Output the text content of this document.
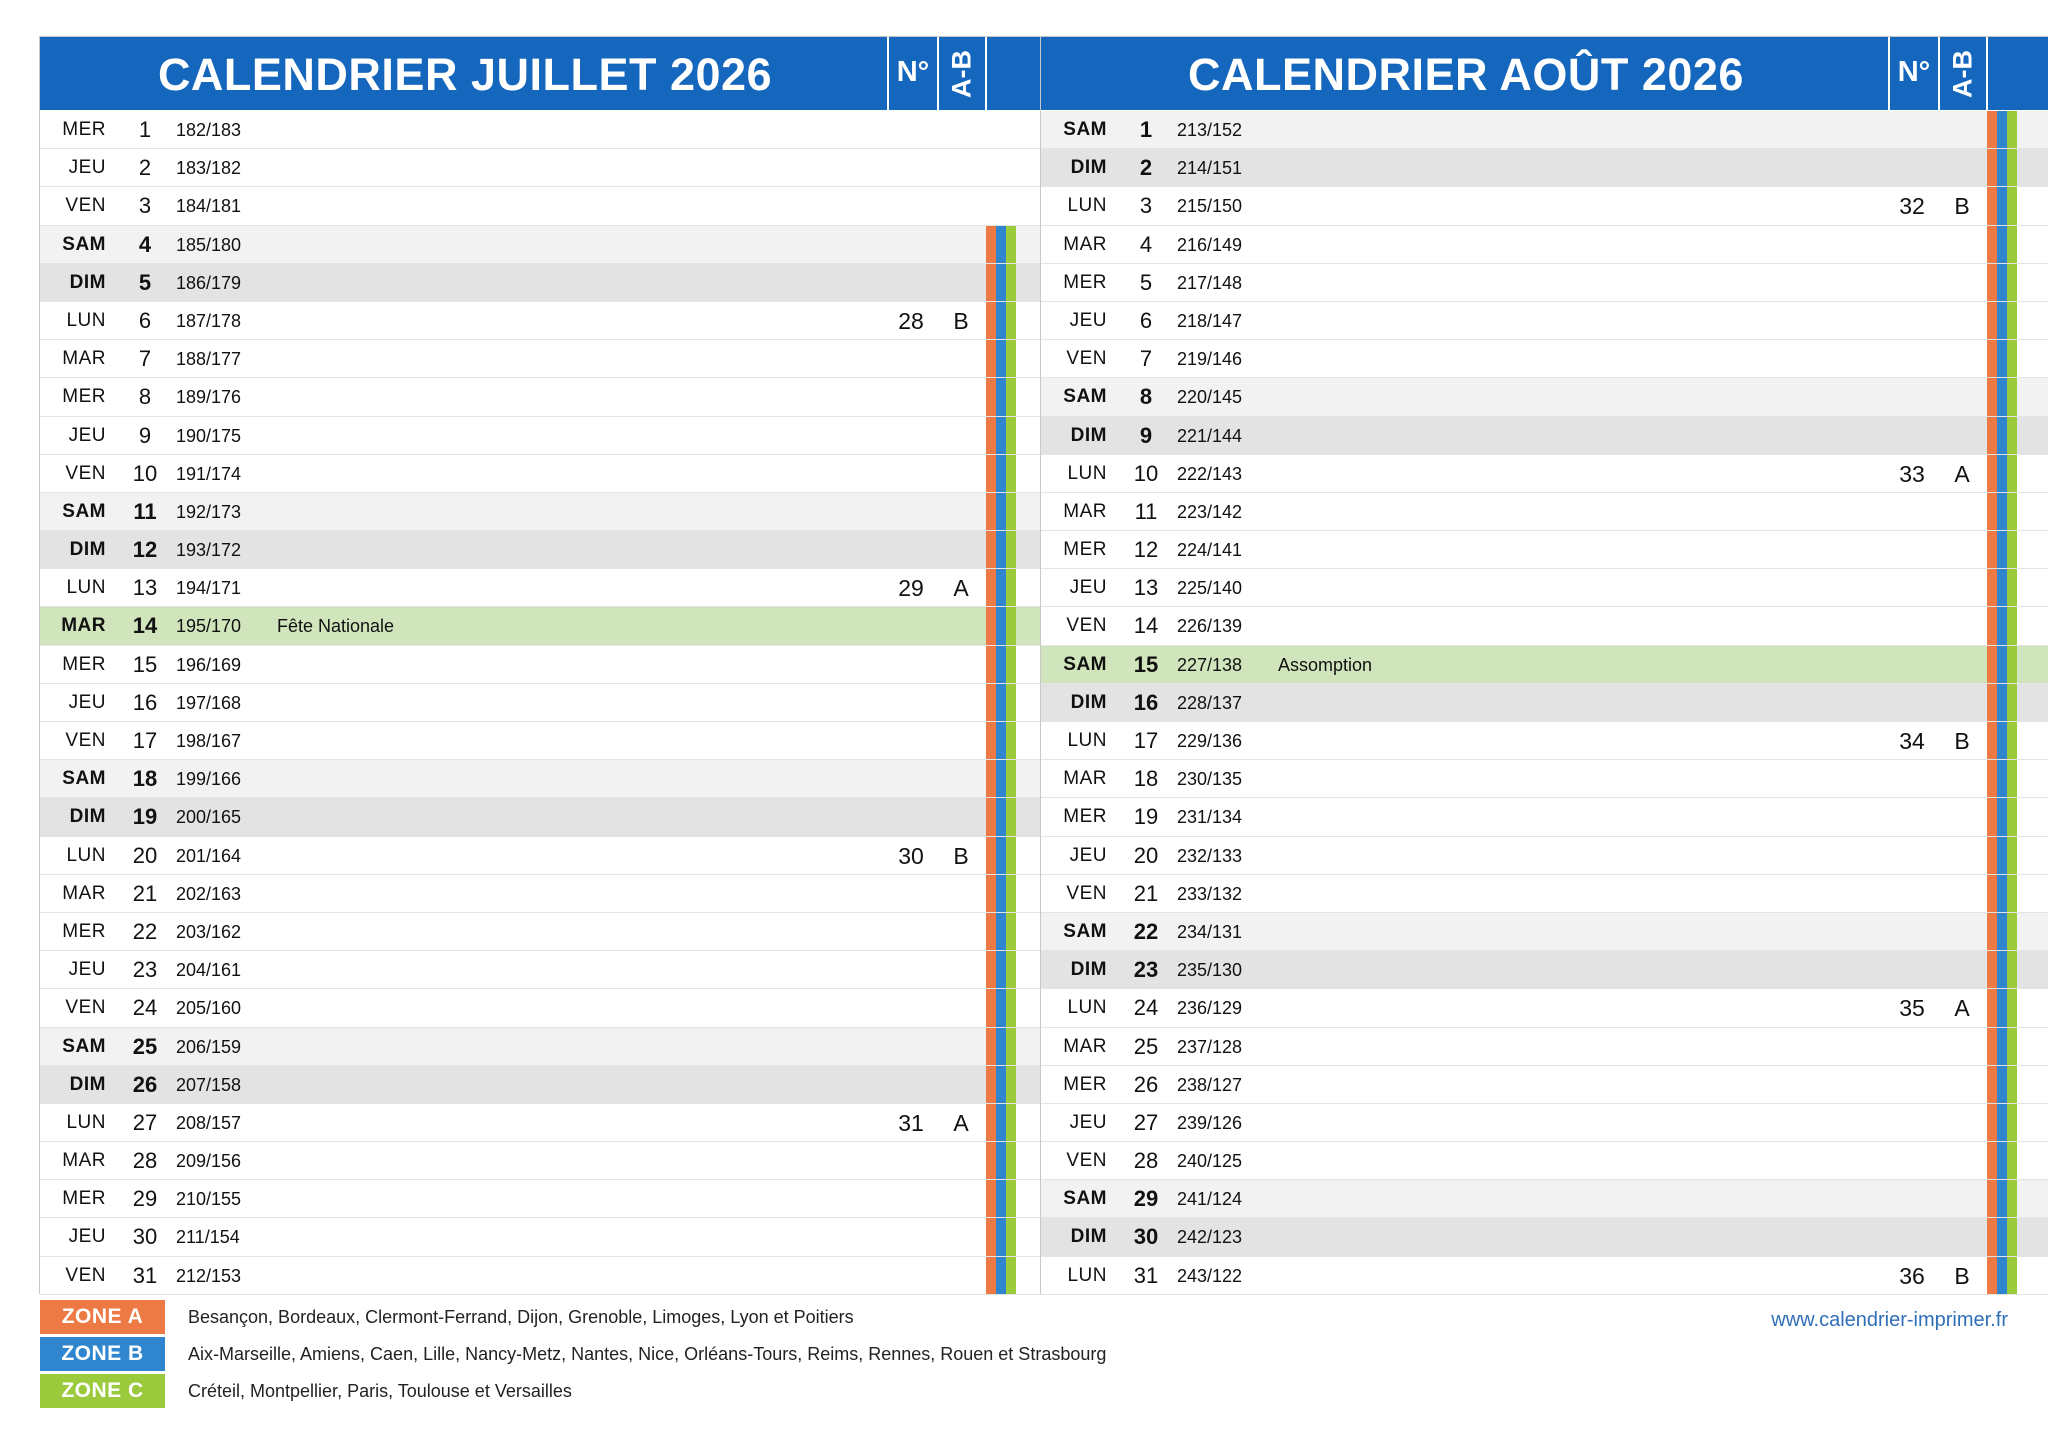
CALENDRIER JUILLET 2026	N° A-B
MER	1	182/183
JEU	2	183/182
VEN	3	184/181
SAM	4	185/180
DIM	5	186/179
LUN	6	187/178	28	B
MAR	7	188/177
MER	8	189/176
JEU	9	190/175
VEN	10	191/174
SAM	11	192/173
DIM	12	193/172
LUN	13	194/171	29	A
MAR	14	195/170 Fête Nationale
MER	15	196/169
JEU	16	197/168
VEN	17	198/167
SAM	18	199/166
DIM	19	200/165
LUN	20	201/164	30	B
MAR	21	202/163
MER	22	203/162
JEU	23	204/161
VEN	24	205/160
SAM	25	206/159
DIM	26	207/158
LUN	27	208/157	31	A
MAR	28	209/156
MER	29	210/155
JEU	30	211/154
VEN	31	212/153
CALENDRIER AOÛT 2026	N° A-B
SAM	1	213/152
DIM	2	214/151
LUN	3	215/150	32	B
MAR	4	216/149
MER	5	217/148
JEU	6	218/147
VEN	7	219/146
SAM	8	220/145
DIM	9	221/144
LUN	10	222/143	33	A
MAR	11	223/142
MER	12	224/141
JEU	13	225/140
VEN	14	226/139
SAM	15	227/138 Assomption
DIM	16	228/137
LUN	17	229/136	34	B
MAR	18	230/135
MER	19	231/134
JEU	20	232/133
VEN	21	233/132
SAM	22	234/131
DIM	23	235/130
LUN	24	236/129	35	A
MAR	25	237/128
MER	26	238/127
JEU	27	239/126
VEN	28	240/125
SAM	29	241/124
DIM	30	242/123
LUN	31	243/122	36	B
ZONE A	Besançon, Bordeaux, Clermont-Ferrand, Dijon, Grenoble, Limoges, Lyon et Poitiers
ZONE B	Aix-Marseille, Amiens, Caen, Lille, Nancy-Metz, Nantes, Nice, Orléans-Tours, Reims, Rennes, Rouen et Strasbourg
ZONE C	Créteil, Montpellier, Paris, Toulouse et Versailles
www.calendrier-imprimer.fr
